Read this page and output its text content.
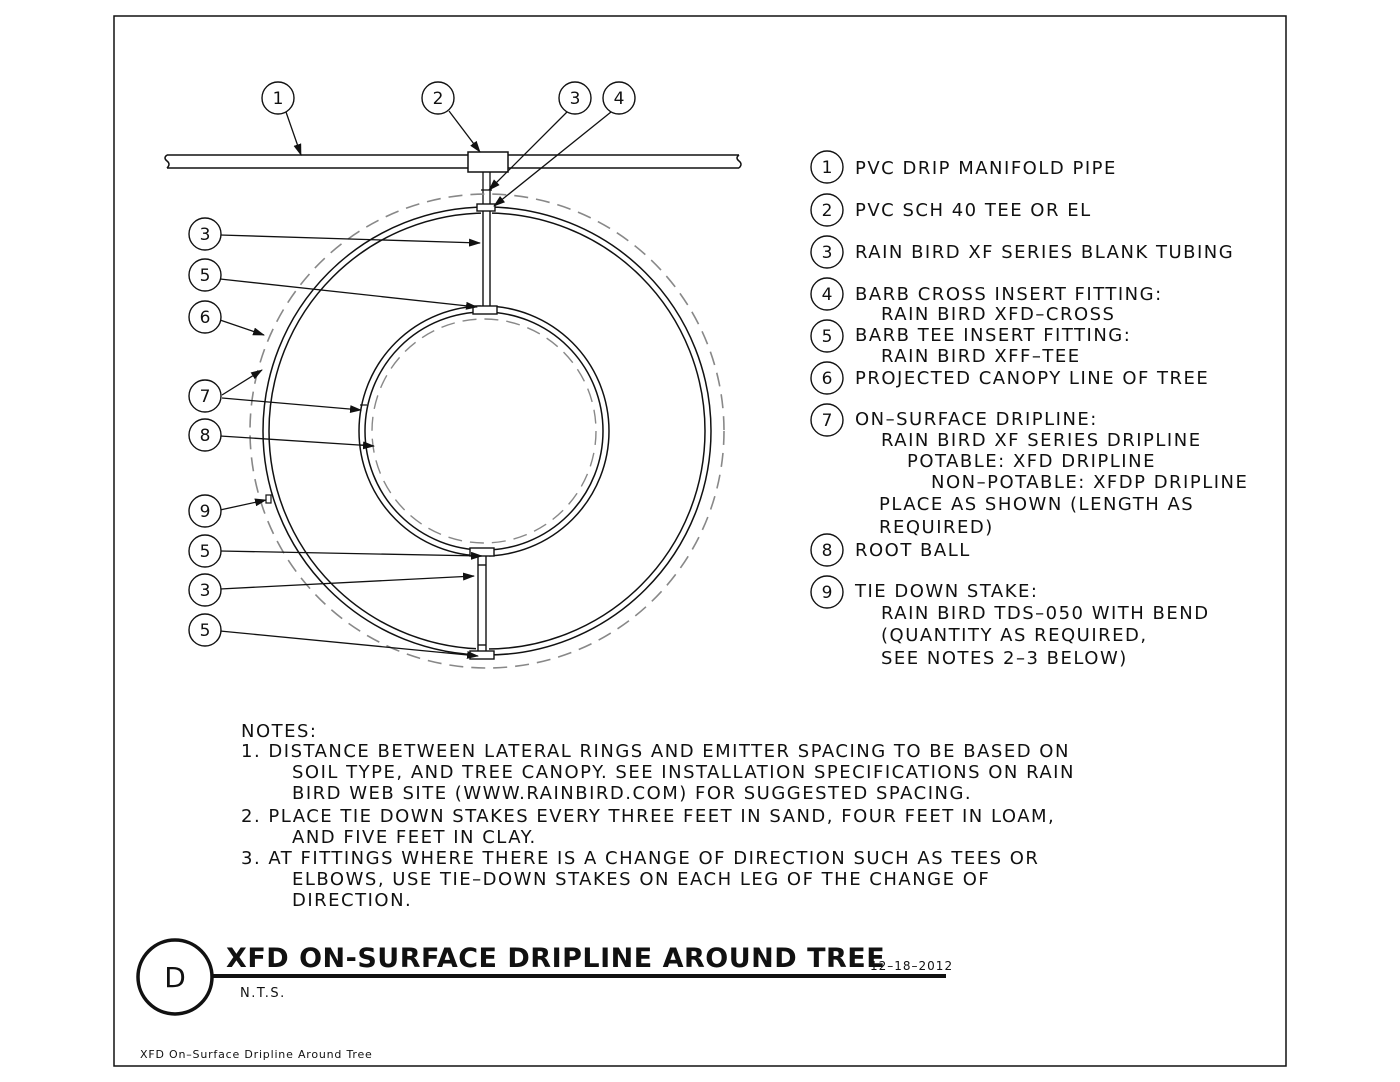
1	2	3 4
3
5
6
7
8
9
5
3
5
1
2
3
4
5
6
7
8
9
PVC DRIP MANIFOLD PIPE
PVC SCH 40 TEE OR EL
RAIN BIRD XF SERIES BLANK TUBING
BARB CROSS INSERT FITTING:
RAIN BIRD XFD–CROSS
BARB TEE INSERT FITTING:
RAIN BIRD XFF–TEE
PROJECTED CANOPY LINE OF TREE
ON–SURFACE DRIPLINE:
RAIN BIRD XF SERIES DRIPLINE
POTABLE: XFD DRIPLINE
NON–POTABLE: XFDP DRIPLINE
PLACE AS SHOWN (LENGTH AS
REQUIRED)
ROOT BALL
TIE DOWN STAKE:
RAIN BIRD TDS–050 WITH BEND
(QUANTITY AS REQUIRED,
SEE NOTES 2–3 BELOW)
NOTES:
1. DISTANCE BETWEEN LATERAL RINGS AND EMITTER SPACING TO BE BASED ON
SOIL TYPE, AND TREE CANOPY. SEE INSTALLATION SPECIFICATIONS ON RAIN
BIRD WEB SITE (WWW.RAINBIRD.COM) FOR SUGGESTED SPACING.
2. PLACE TIE DOWN STAKES EVERY THREE FEET IN SAND, FOUR FEET IN LOAM,
AND FIVE FEET IN CLAY.
3. AT FITTINGS WHERE THERE IS A CHANGE OF DIRECTION SUCH AS TEES OR
ELBOWS, USE TIE–DOWN STAKES ON EACH LEG OF THE CHANGE OF
DIRECTION.
D
XFD ON-SURFACE DRIPLINE AROUND TREE
12–18–2012
N.T.S.
XFD On–Surface Dripline Around Tree
